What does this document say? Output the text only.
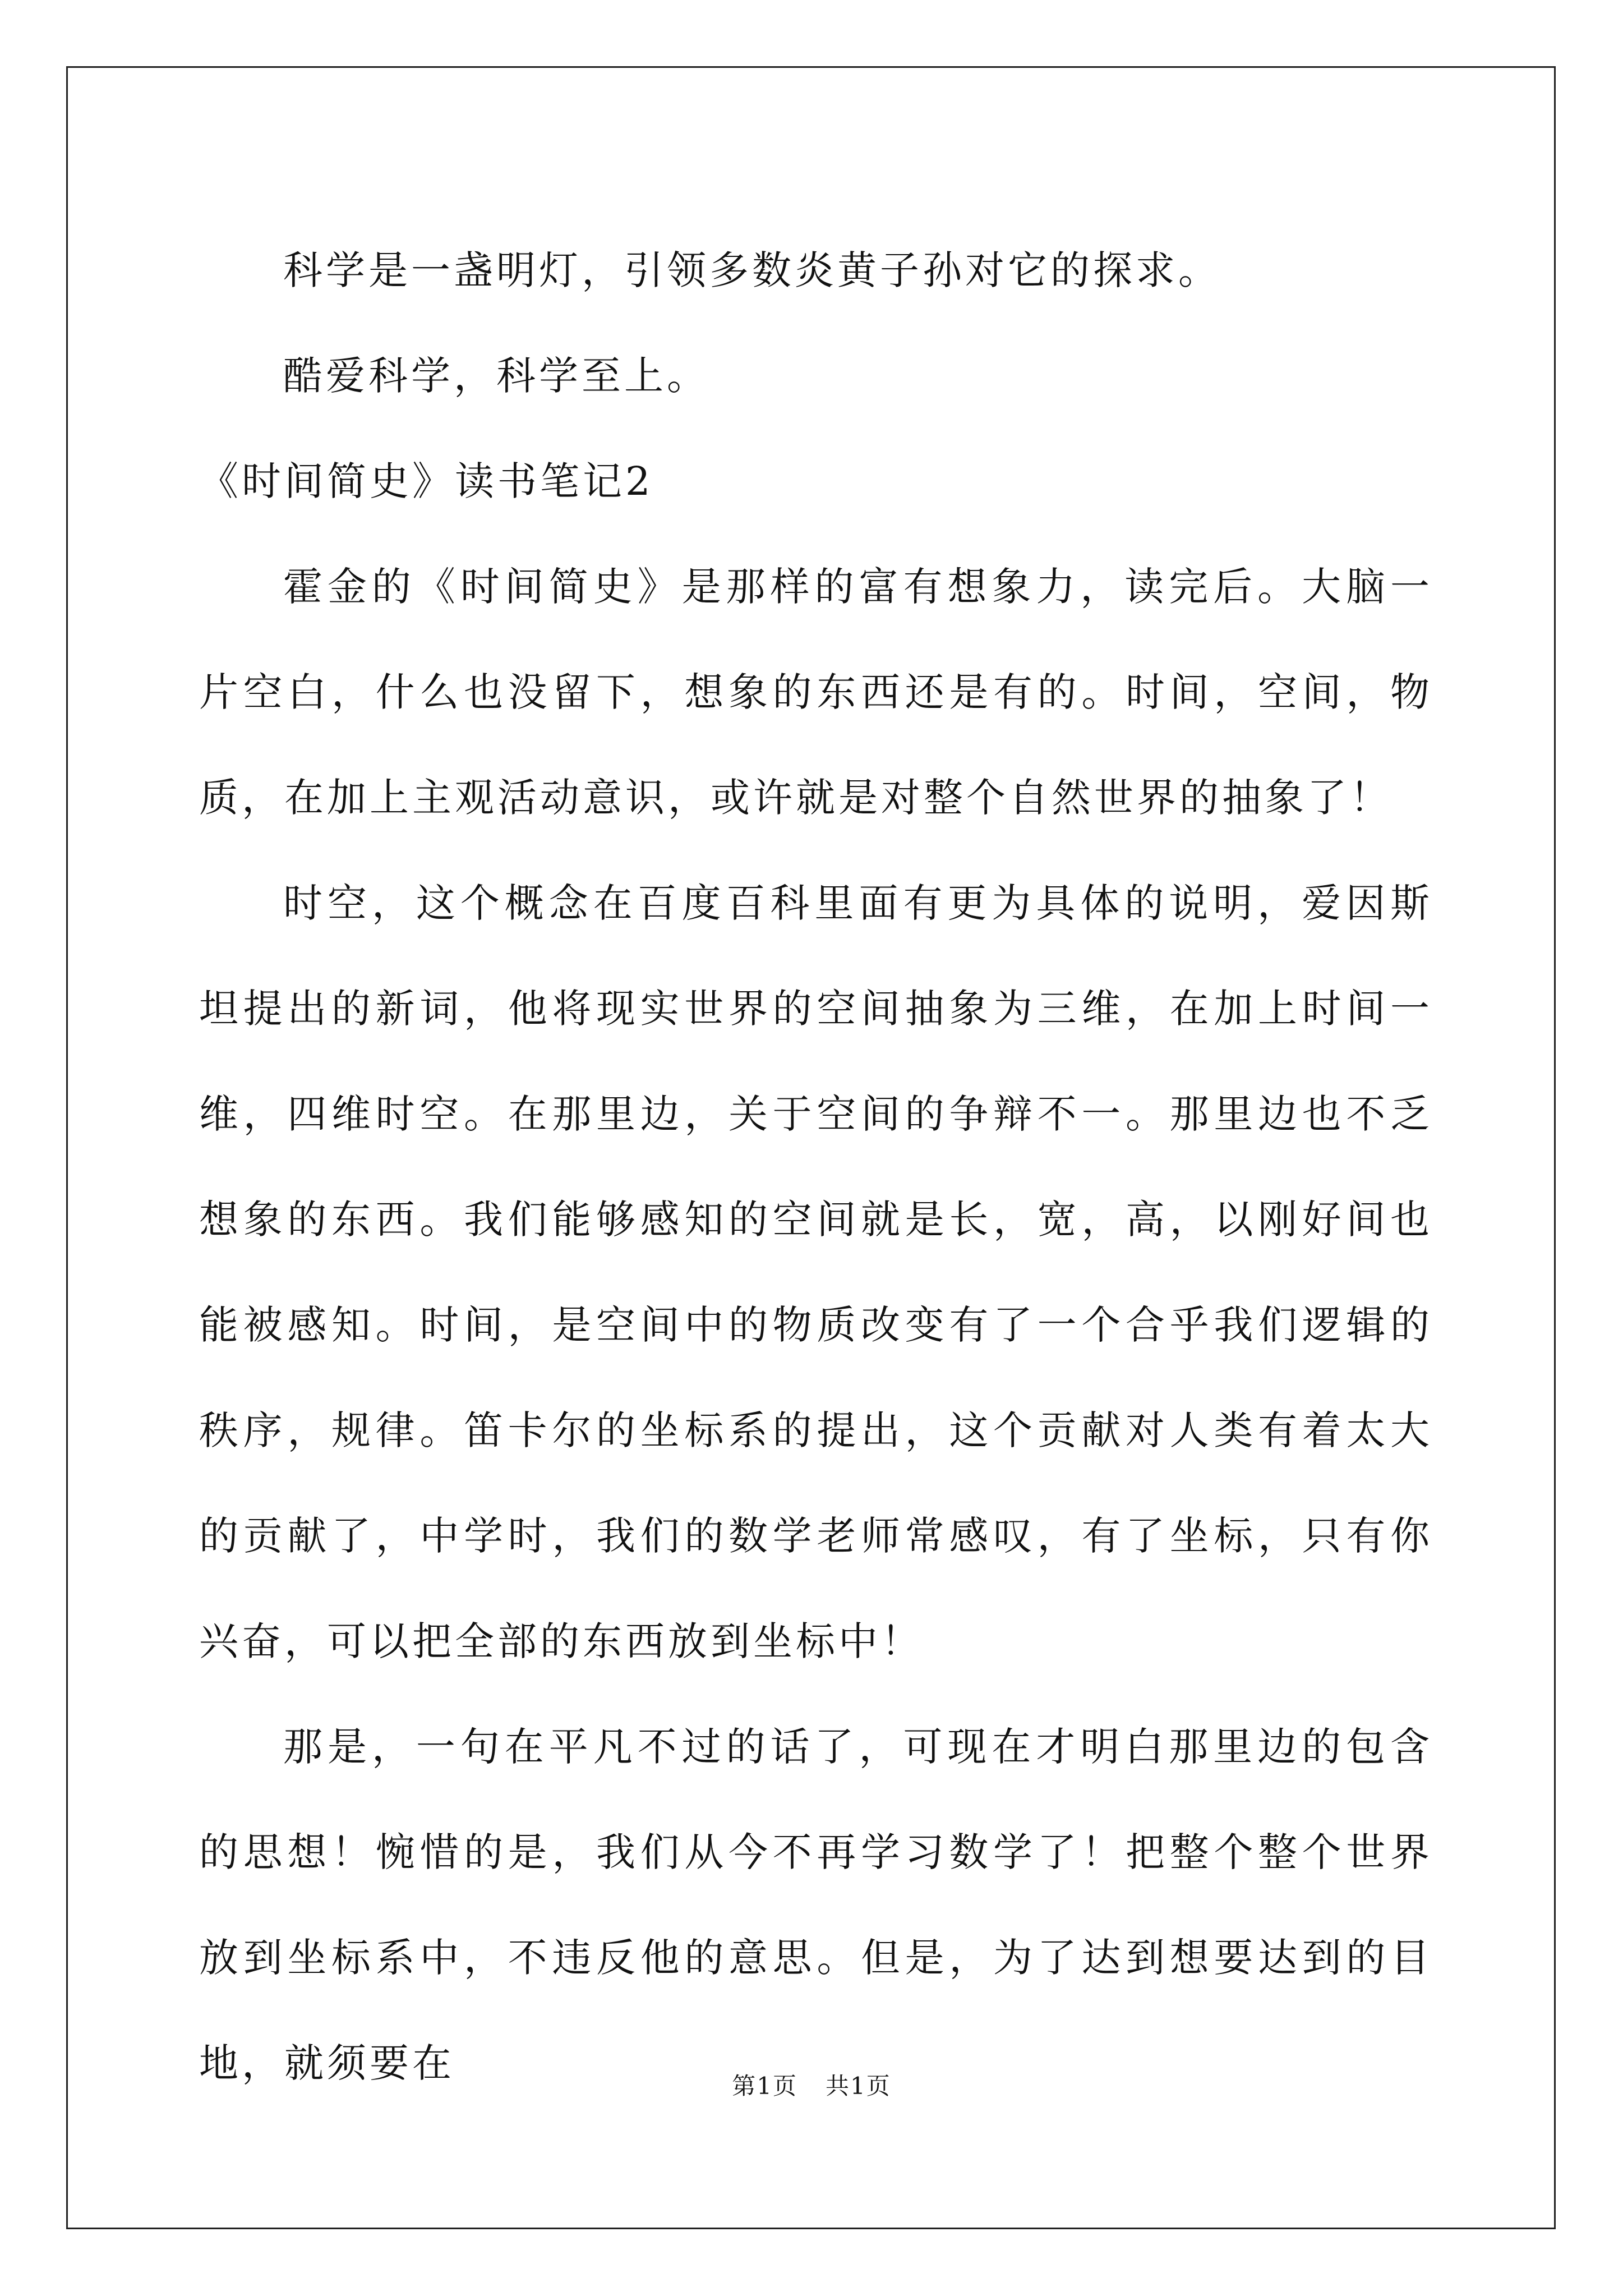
科学是一盏明灯，引领多数炎黄子孙对它的探求。

酷爱科学，科学至上。

《时间简史》读书笔记2

霍金的《时间简史》是那样的富有想象力，读完后。大脑一片空白，什么也没留下，想象的东西还是有的。时间，空间，物质，在加上主观活动意识，或许就是对整个自然世界的抽象了！

时空，这个概念在百度百科里面有更为具体的说明，爱因斯坦提出的新词，他将现实世界的空间抽象为三维，在加上时间一维，四维时空。在那里边，关于空间的争辩不一。那里边也不乏想象的东西。我们能够感知的空间就是长，宽，高，以刚好间也能被感知。时间，是空间中的物质改变有了一个合乎我们逻辑的秩序，规律。笛卡尔的坐标系的提出，这个贡献对人类有着太大的贡献了，中学时，我们的数学老师常感叹，有了坐标，只有你兴奋，可以把全部的东西放到坐标中！

那是，一句在平凡不过的话了，可现在才明白那里边的包含的思想！惋惜的是，我们从今不再学习数学了！把整个整个世界放到坐标系中，不违反他的意思。但是，为了达到想要达到的目地，就须要在	第1页 共1页
